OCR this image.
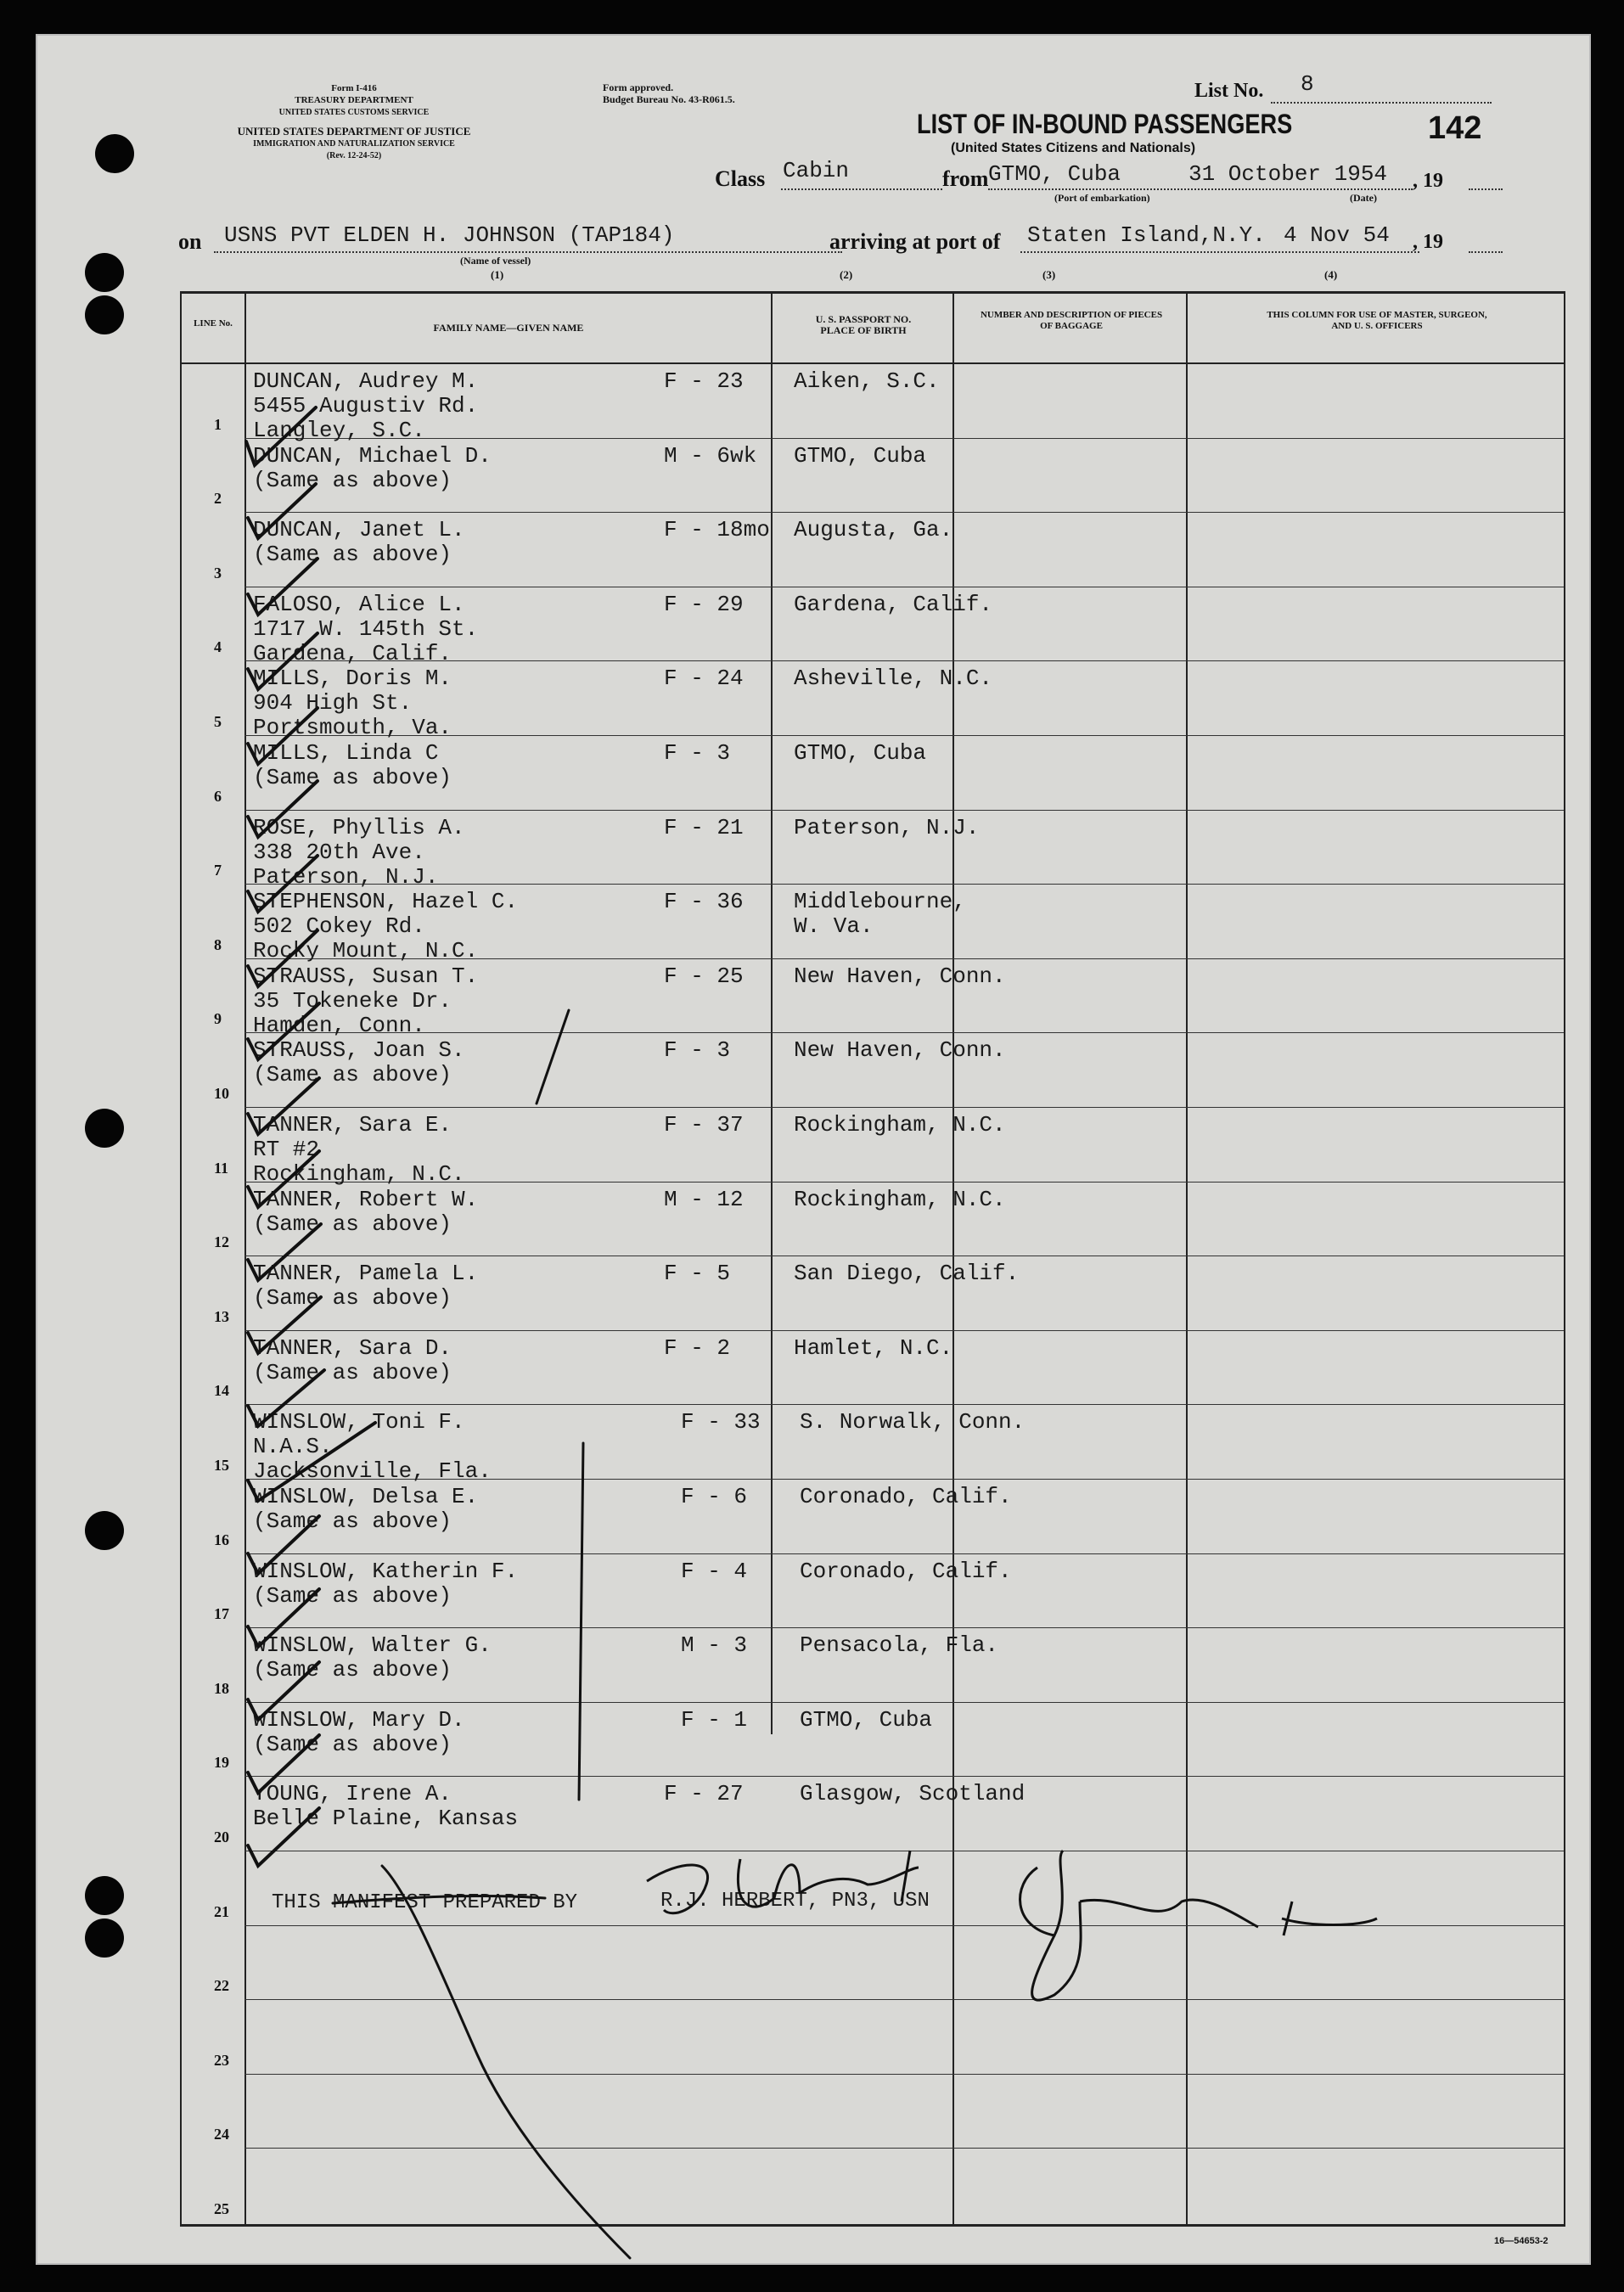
Form I-416
TREASURY DEPARTMENT
UNITED STATES CUSTOMS SERVICE
UNITED STATES DEPARTMENT OF JUSTICE
IMMIGRATION AND NATURALIZATION SERVICE
(Rev. 12-24-52)
Form approved.
Budget Bureau No. 43-R061.5.	List No. 8
LIST OF IN-BOUND PASSENGERS
(United States Citizens and Nationals)
142
Class Cabin	from GTMO, Cuba	31 October 1954 , 19
(Port of embarkation)	(Date)
on USNS PVT ELDEN H. JOHNSON (TAP184)
(Name of vessel)
arriving at port of Staten Island,N.Y. 4 Nov 54 , 19
(1)	(2)	(3)	(4)
LINE No.	FAMILY NAME—GIVEN NAME
U. S. PASSPORT NO. PLACE OF BIRTH
NUMBER AND DESCRIPTION OF PIECES OF BAGGAGE
THIS COLUMN FOR USE OF MASTER, SURGEON, AND U. S. OFFICERS
1
DUNCAN, Audrey M.
5455 Augustiv Rd.
Langley, S.C.
F - 23 Aiken, S.C.
2
DUNCAN, Michael D.
(Same as above)
M - 6wk GTMO, Cuba
3
DUNCAN, Janet L.
(Same as above)
F - 18mo Augusta, Ga.
4
FALOSO, Alice L.
1717 W. 145th St.
Gardena, Calif.
F - 29 Gardena, Calif.
5
MILLS, Doris M.
904 High St.
Portsmouth, Va.
F - 24 Asheville, N.C.
6
MILLS, Linda C
(Same as above)
F - 3	GTMO, Cuba
7
ROSE, Phyllis A.
338 20th Ave.
Paterson, N.J.
F - 21 Paterson, N.J.
8
STEPHENSON, Hazel C.
502 Cokey Rd.
Rocky Mount, N.C.
F - 36 Middlebourne,
W. Va.
9
STRAUSS, Susan T.
35 Tokeneke Dr.
Hamden, Conn.
F - 25 New Haven, Conn.
10
STRAUSS, Joan S.
(Same as above)
F - 3	New Haven, Conn.
11
TANNER, Sara E.
RT #2
Rockingham, N.C.
F - 37 Rockingham, N.C.
12
TANNER, Robert W.
(Same as above)
M - 12 Rockingham, N.C.
13
TANNER, Pamela L.
(Same as above)
F - 5	San Diego, Calif.
14
TANNER, Sara D.
(Same as above)
F - 2	Hamlet, N.C.
15
WINSLOW, Toni F.
N.A.S.
Jacksonville, Fla.
F - 33 S. Norwalk, Conn.
16
WINSLOW, Delsa E.
(Same as above)
F - 6 Coronado, Calif.
17
WINSLOW, Katherin F.
(Same as above)
F - 4 Coronado, Calif.
18
WINSLOW, Walter G.
(Same as above)
M - 3 Pensacola, Fla.
19
WINSLOW, Mary D.
(Same as above)
F - 1 GTMO, Cuba
20
YOUNG, Irene A.
Belle Plaine, Kansas
F - 27	Glasgow, Scotland
21 THIS MANIFEST PREPARED BY	R.J. HERBERT, PN3, USN
22
23
24
25
16—54653-2
